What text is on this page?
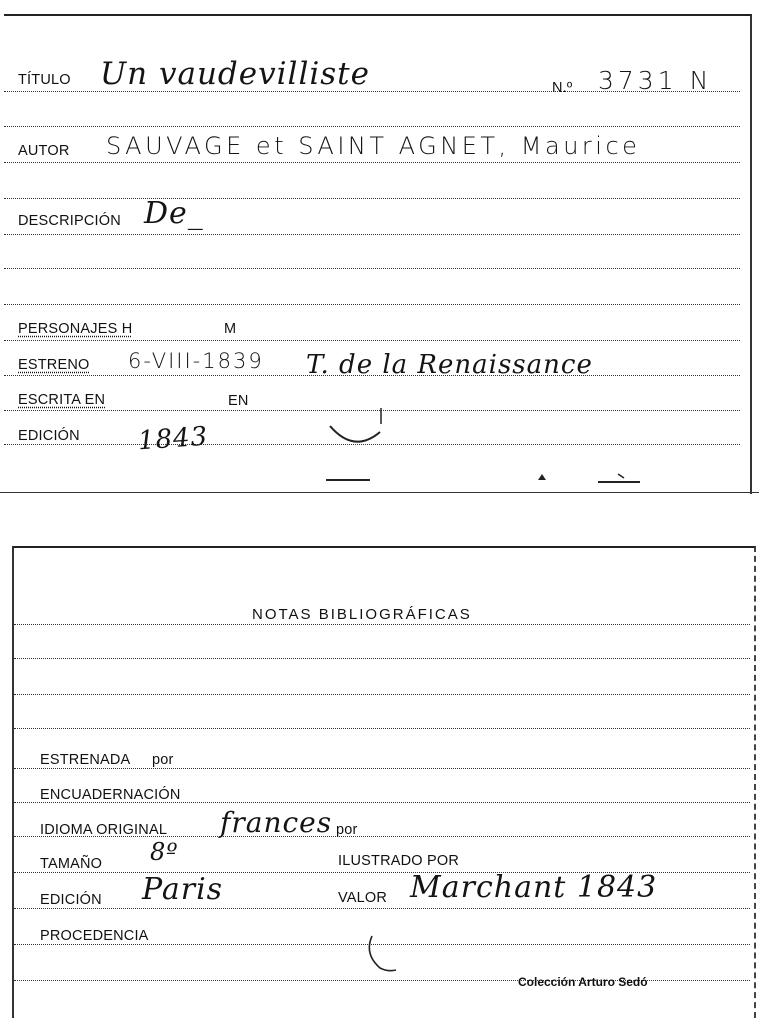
TÍTULO Un vaudevilliste	N.º 3731 N
AUTOR SAUVAGE et SAINT AGNET, Maurice
DESCRIPCIÓN De_
PERSONAJES H	M
ESTRENO 6-VIII-1839 T. de la Renaissance
ESCRITA EN	EN
EDICIÓN 1843
NOTAS BIBLIOGRÁFICAS
ESTRENADA por
ENCUADERNACIÓN
IDIOMA ORIGINAL frances por
TAMAÑO 8º	ILUSTRADO POR
EDICIÓN Paris	VALOR Marchant 1843
PROCEDENCIA
Colección Arturo Sedó
